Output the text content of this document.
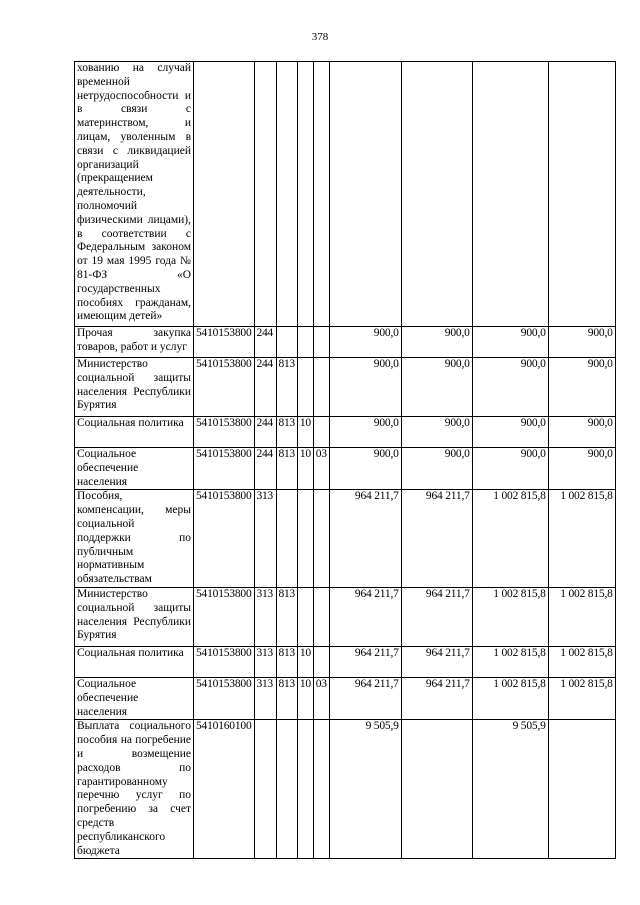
378
хованию на случай временной нетрудоспособности и в связи с материнством, и лицам, уволенным в связи с ликвидацией организаций (прекращением деятельности, полномочий физическими лицами), в соответствии с Федеральным законом от 19 мая 1995 года № 81-ФЗ «О государственных пособиях гражданам, имеющим детей»									
Прочая закупка товаров, работ и услуг	5410153800	244				900,0	900,0	900,0	900,0
Министерство социальной защиты населения Республики Бурятия	5410153800	244	813			900,0	900,0	900,0	900,0
Социальная политика	5410153800	244	813	10		900,0	900,0	900,0	900,0
Социальное обеспечение населения	5410153800	244	813	10	03	900,0	900,0	900,0	900,0
Пособия, компенсации, меры социальной поддержки по публичным нормативным обязательствам	5410153800	313				964 211,7	964 211,7	1 002 815,8	1 002 815,8
Министерство социальной защиты населения Республики Бурятия	5410153800	313	813			964 211,7	964 211,7	1 002 815,8	1 002 815,8
Социальная политика	5410153800	313	813	10		964 211,7	964 211,7	1 002 815,8	1 002 815,8
Социальное обеспечение населения	5410153800	313	813	10	03	964 211,7	964 211,7	1 002 815,8	1 002 815,8
Выплата социального пособия на погребение и возмещение расходов по гарантированному перечню услуг по погребению за счет средств республиканского бюджета	5410160100					9 505,9		9 505,9	
